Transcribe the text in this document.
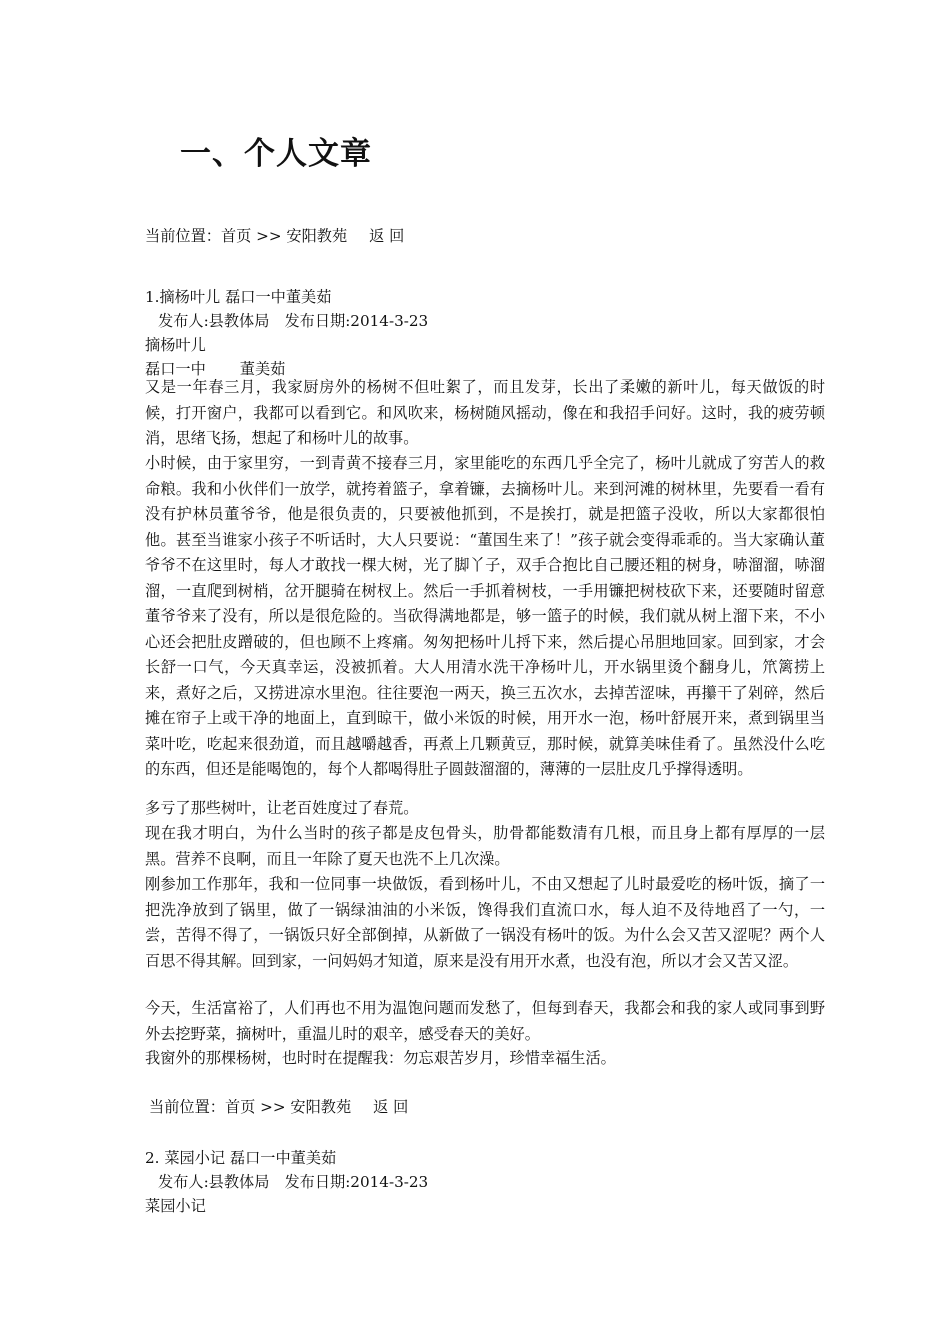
一、个人文章
当前位置：首页 >> 安阳教苑 返 回
1.摘杨叶儿 磊口一中董美茹
发布人:县教体局 发布日期:2014-3-23
摘杨叶儿
磊口一中 董美茹

又是一年春三月，我家厨房外的杨树不但吐絮了，而且发芽，长出了柔嫩的新叶儿，每天做饭的时候，打开窗户，我都可以看到它。和风吹来，杨树随风摇动，像在和我招手问好。这时，我的疲劳顿消，思绪飞扬，想起了和杨叶儿的故事。

小时候，由于家里穷，一到青黄不接春三月，家里能吃的东西几乎全完了，杨叶儿就成了穷苦人的救命粮。我和小伙伴们一放学，就挎着篮子，拿着镰，去摘杨叶儿。来到河滩的树林里，先要看一看有没有护林员董爷爷，他是很负责的，只要被他抓到，不是挨打，就是把篮子没收，所以大家都很怕他。甚至当谁家小孩子不听话时，大人只要说：“董国生来了！”孩子就会变得乖乖的。当大家确认董爷爷不在这里时，每人才敢找一棵大树，光了脚丫子，双手合抱比自己腰还粗的树身，哧溜溜，哧溜溜，一直爬到树梢，岔开腿骑在树杈上。然后一手抓着树枝，一手用镰把树枝砍下来，还要随时留意董爷爷来了没有，所以是很危险的。当砍得满地都是，够一篮子的时候，我们就从树上溜下来，不小心还会把肚皮蹭破的，但也顾不上疼痛。匆匆把杨叶儿捋下来，然后提心吊胆地回家。回到家，才会长舒一口气，今天真幸运，没被抓着。大人用清水洗干净杨叶儿，开水锅里烫个翻身儿，笊篱捞上来，煮好之后，又捞进凉水里泡。往往要泡一两天，换三五次水，去掉苦涩味，再攥干了剁碎，然后摊在帘子上或干净的地面上，直到晾干，做小米饭的时候，用开水一泡，杨叶舒展开来，煮到锅里当菜叶吃，吃起来很劲道，而且越嚼越香，再煮上几颗黄豆，那时候，就算美味佳肴了。虽然没什么吃的东西，但还是能喝饱的，每个人都喝得肚子圆鼓溜溜的，薄薄的一层肚皮几乎撑得透明。

多亏了那些树叶，让老百姓度过了春荒。

现在我才明白，为什么当时的孩子都是皮包骨头，肋骨都能数清有几根，而且身上都有厚厚的一层黑。营养不良啊，而且一年除了夏天也洗不上几次澡。

刚参加工作那年，我和一位同事一块做饭，看到杨叶儿，不由又想起了儿时最爱吃的杨叶饭，摘了一把洗净放到了锅里，做了一锅绿油油的小米饭，馋得我们直流口水，每人迫不及待地舀了一勺，一尝，苦得不得了，一锅饭只好全部倒掉，从新做了一锅没有杨叶的饭。为什么会又苦又涩呢？两个人百思不得其解。回到家，一问妈妈才知道，原来是没有用开水煮，也没有泡，所以才会又苦又涩。

今天，生活富裕了，人们再也不用为温饱问题而发愁了，但每到春天，我都会和我的家人或同事到野外去挖野菜，摘树叶，重温儿时的艰辛，感受春天的美好。

我窗外的那棵杨树，也时时在提醒我：勿忘艰苦岁月，珍惜幸福生活。

当前位置：首页 >> 安阳教苑 返 回
2. 菜园小记 磊口一中董美茹
发布人:县教体局 发布日期:2014-3-23
菜园小记
